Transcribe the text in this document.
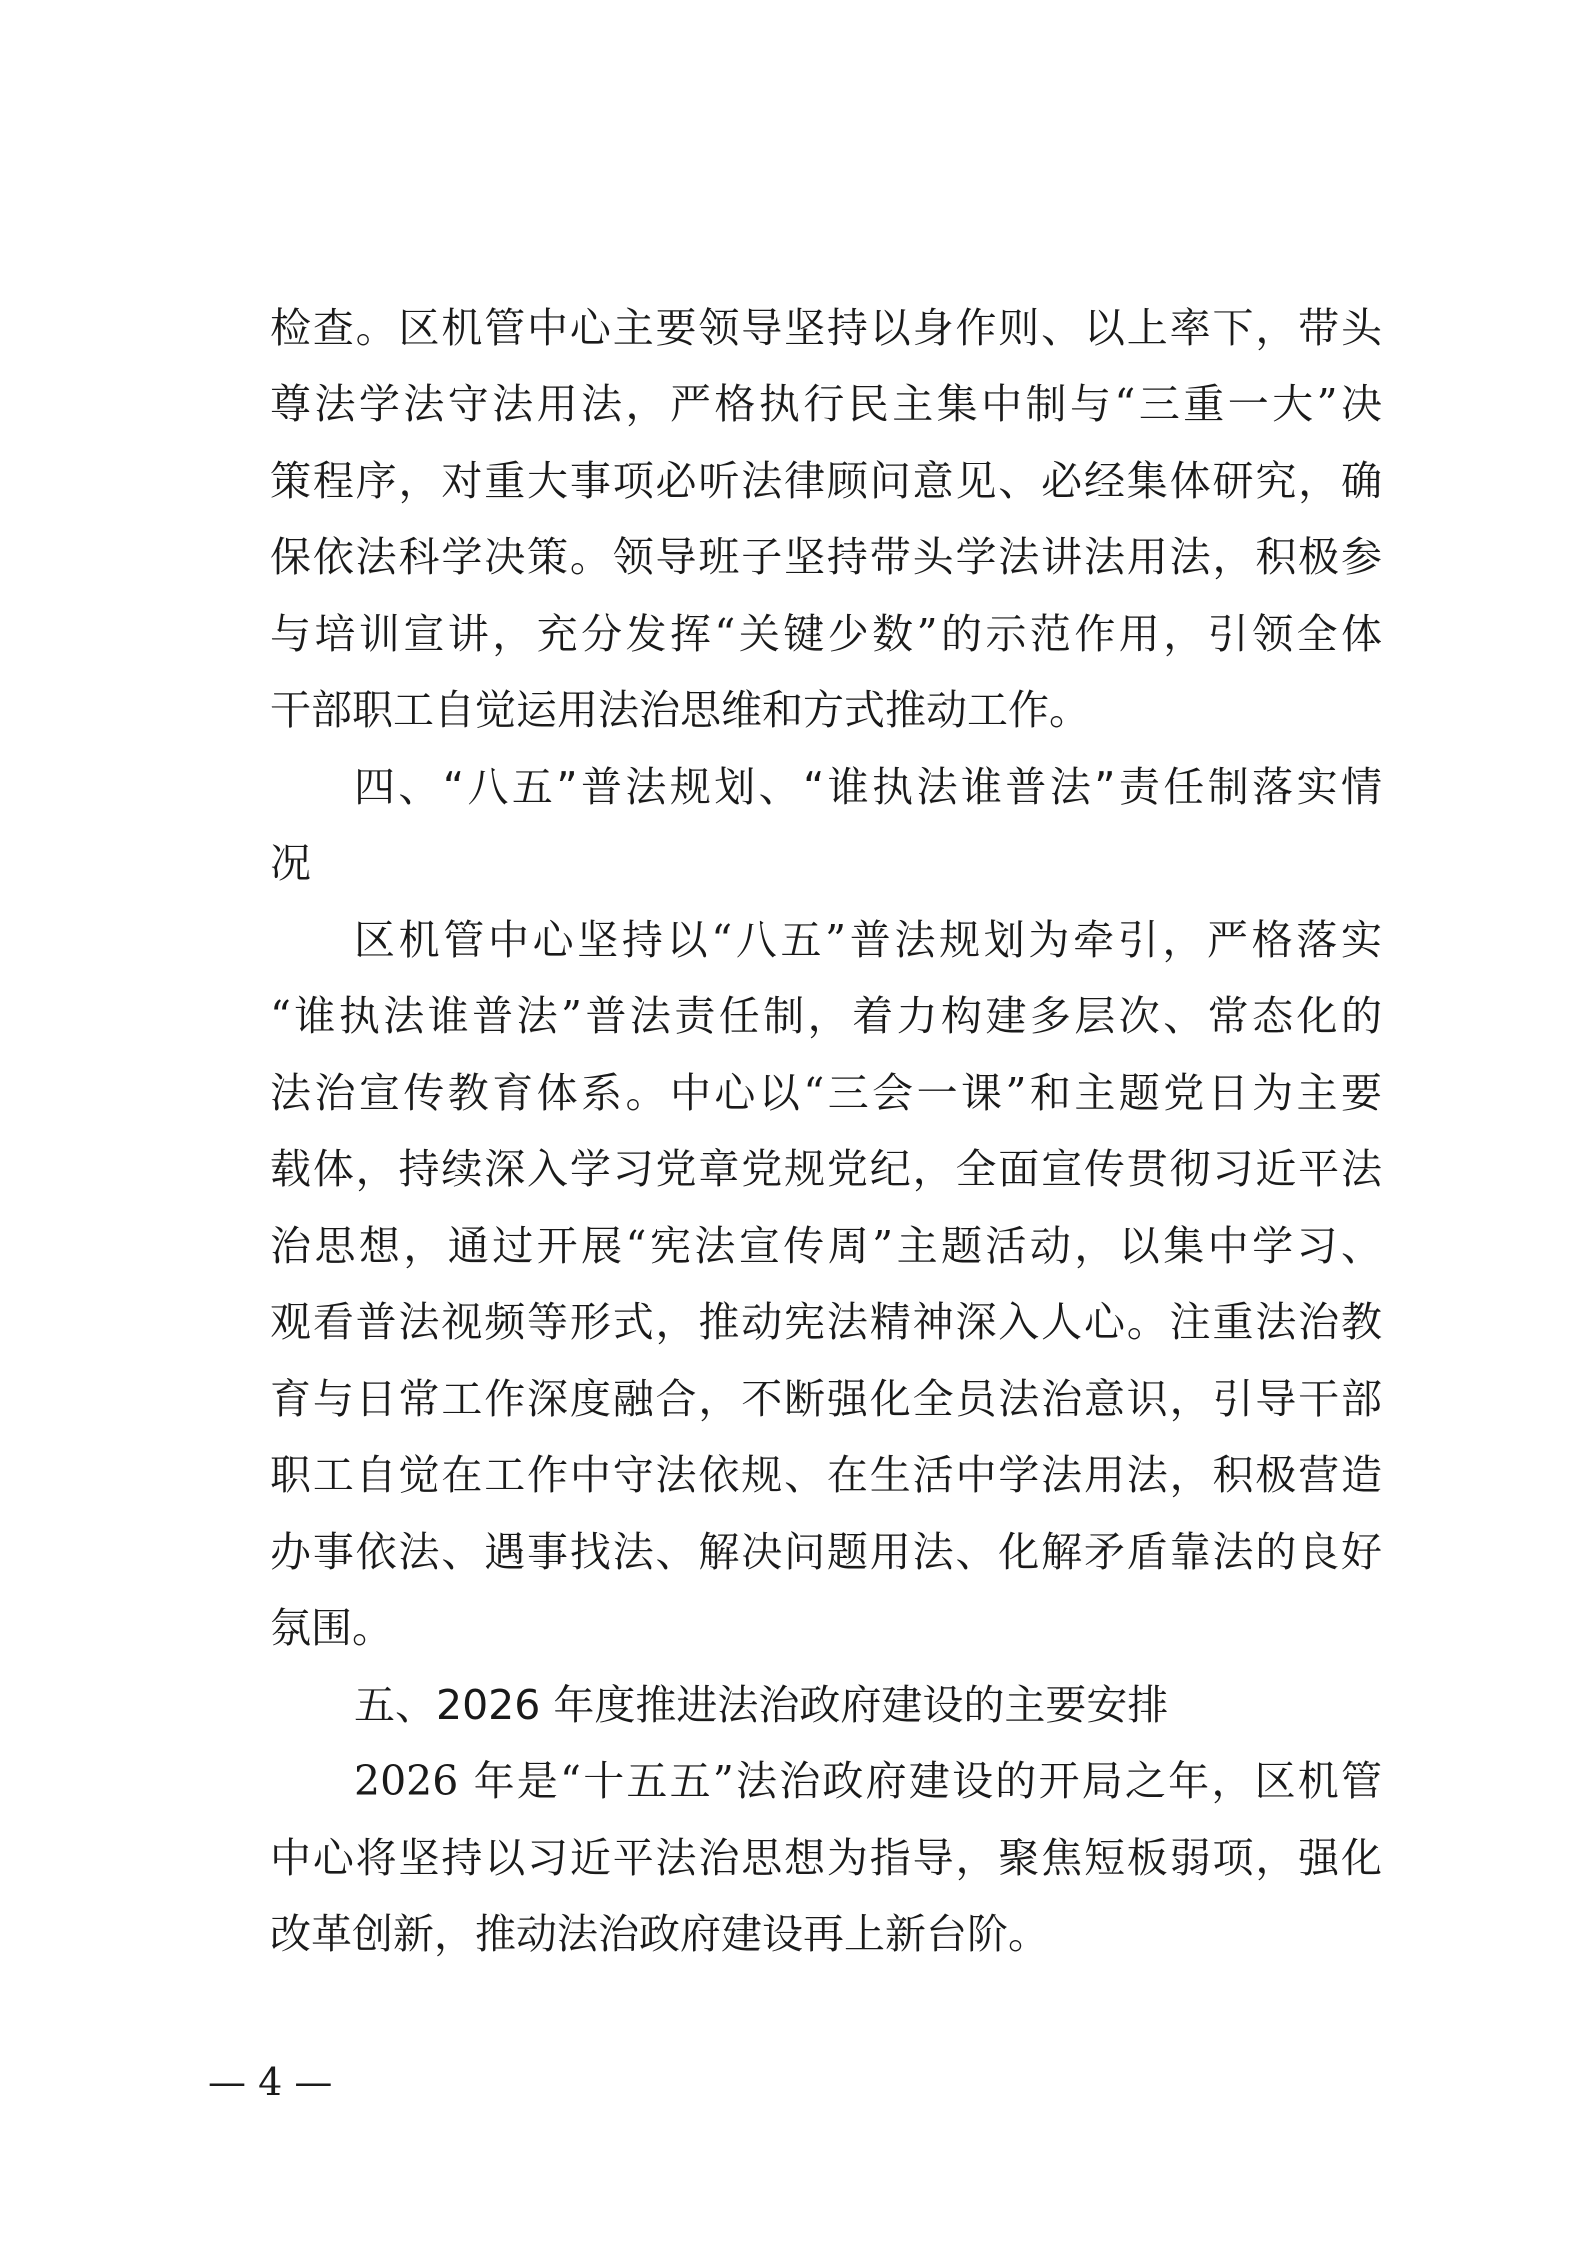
检查。区机管中心主要领导坚持以身作则、以上率下，带头
尊法学法守法用法，严格执行民主集中制与“三重一大”决
策程序，对重大事项必听法律顾问意见、必经集体研究，确
保依法科学决策。领导班子坚持带头学法讲法用法，积极参
与培训宣讲，充分发挥“关键少数”的示范作用，引领全体
干部职工自觉运用法治思维和方式推动工作。
四、“八五”普法规划、“谁执法谁普法”责任制落实情
况
区机管中心坚持以“八五”普法规划为牵引，严格落实
“谁执法谁普法”普法责任制，着力构建多层次、常态化的
法治宣传教育体系。中心以“三会一课”和主题党日为主要
载体，持续深入学习党章党规党纪，全面宣传贯彻习近平法
治思想，通过开展“宪法宣传周”主题活动，以集中学习、
观看普法视频等形式，推动宪法精神深入人心。注重法治教
育与日常工作深度融合，不断强化全员法治意识，引导干部
职工自觉在工作中守法依规、在生活中学法用法，积极营造
办事依法、遇事找法、解决问题用法、化解矛盾靠法的良好
氛围。
五、2026 年度推进法治政府建设的主要安排
2026 年是“十五五”法治政府建设的开局之年，区机管
中心将坚持以习近平法治思想为指导，聚焦短板弱项，强化
改革创新，推动法治政府建设再上新台阶。
— 4 —
